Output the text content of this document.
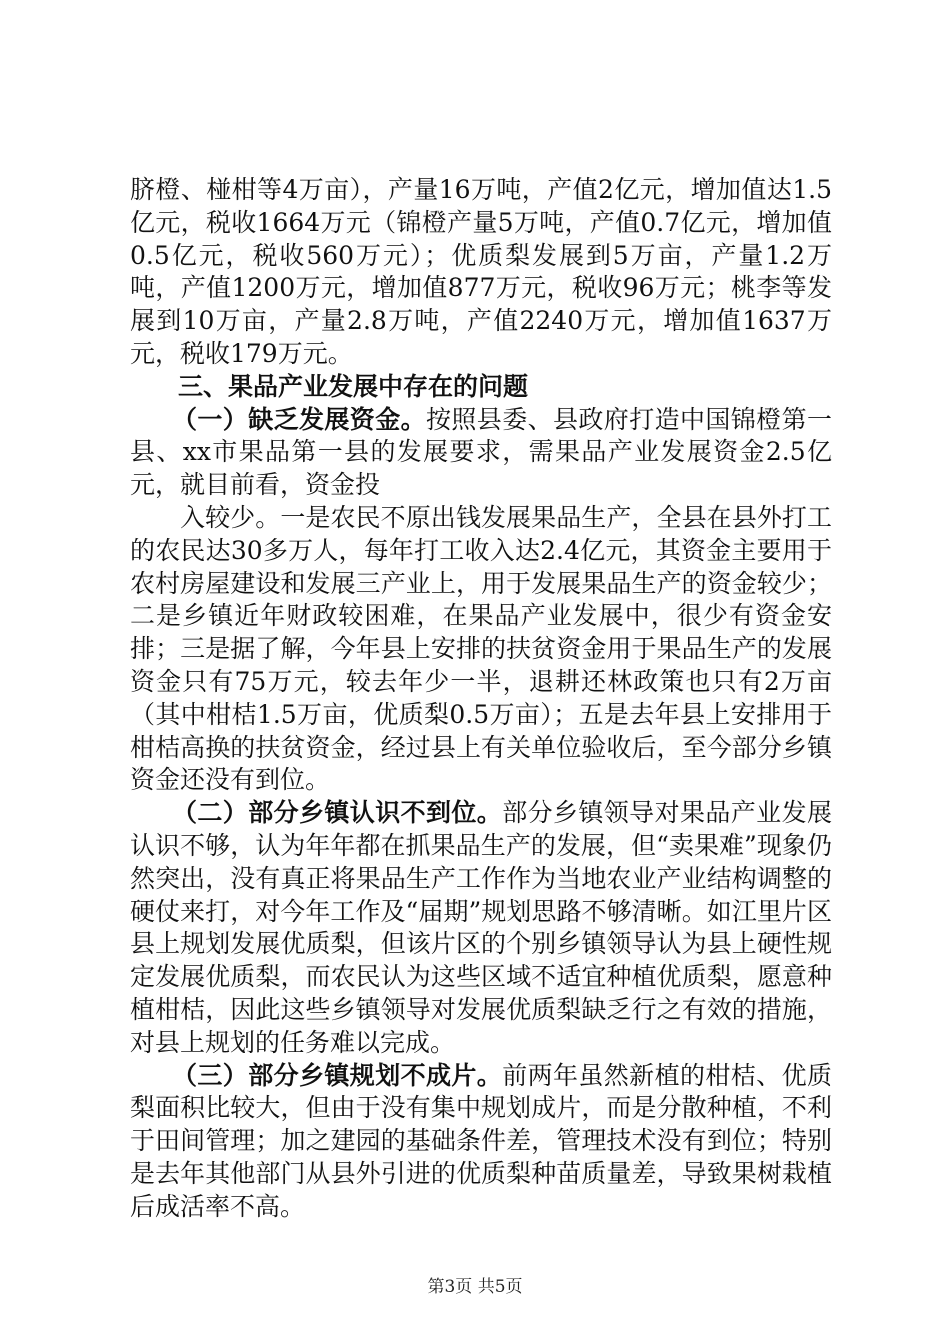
脐橙、椪柑等4万亩），产量16万吨，产值2亿元，增加值达1.5亿元，税收1664万元（锦橙产量5万吨，产值0.7亿元，增加值0.5亿元，税收560万元）；优质梨发展到5万亩，产量1.2万吨，产值1200万元，增加值877万元，税收96万元；桃李等发展到10万亩，产量2.8万吨，产值2240万元，增加值1637万元，税收179万元。

三、果品产业发展中存在的问题

（一）缺乏发展资金。按照县委、县政府打造中国锦橙第一县、xx市果品第一县的发展要求，需果品产业发展资金2.5亿元，就目前看，资金投

入较少。一是农民不原出钱发展果品生产，全县在县外打工的农民达30多万人，每年打工收入达2.4亿元，其资金主要用于农村房屋建设和发展三产业上，用于发展果品生产的资金较少；二是乡镇近年财政较困难，在果品产业发展中，很少有资金安排；三是据了解，今年县上安排的扶贫资金用于果品生产的发展资金只有75万元，较去年少一半，退耕还林政策也只有2万亩（其中柑桔1.5万亩，优质梨0.5万亩）；五是去年县上安排用于柑桔高换的扶贫资金，经过县上有关单位验收后，至今部分乡镇资金还没有到位。

（二）部分乡镇认识不到位。部分乡镇领导对果品产业发展认识不够，认为年年都在抓果品生产的发展，但“卖果难”现象仍然突出，没有真正将果品生产工作作为当地农业产业结构调整的硬仗来打，对今年工作及“届期”规划思路不够清晰。如江里片区县上规划发展优质梨，但该片区的个别乡镇领导认为县上硬性规定发展优质梨，而农民认为这些区域不适宜种植优质梨，愿意种植柑桔，因此这些乡镇领导对发展优质梨缺乏行之有效的措施，对县上规划的任务难以完成。

（三）部分乡镇规划不成片。前两年虽然新植的柑桔、优质梨面积比较大，但由于没有集中规划成片，而是分散种植，不利于田间管理；加之建园的基础条件差，管理技术没有到位；特别是去年其他部门从县外引进的优质梨种苗质量差，导致果树栽植后成活率不高。

第3页 共5页
